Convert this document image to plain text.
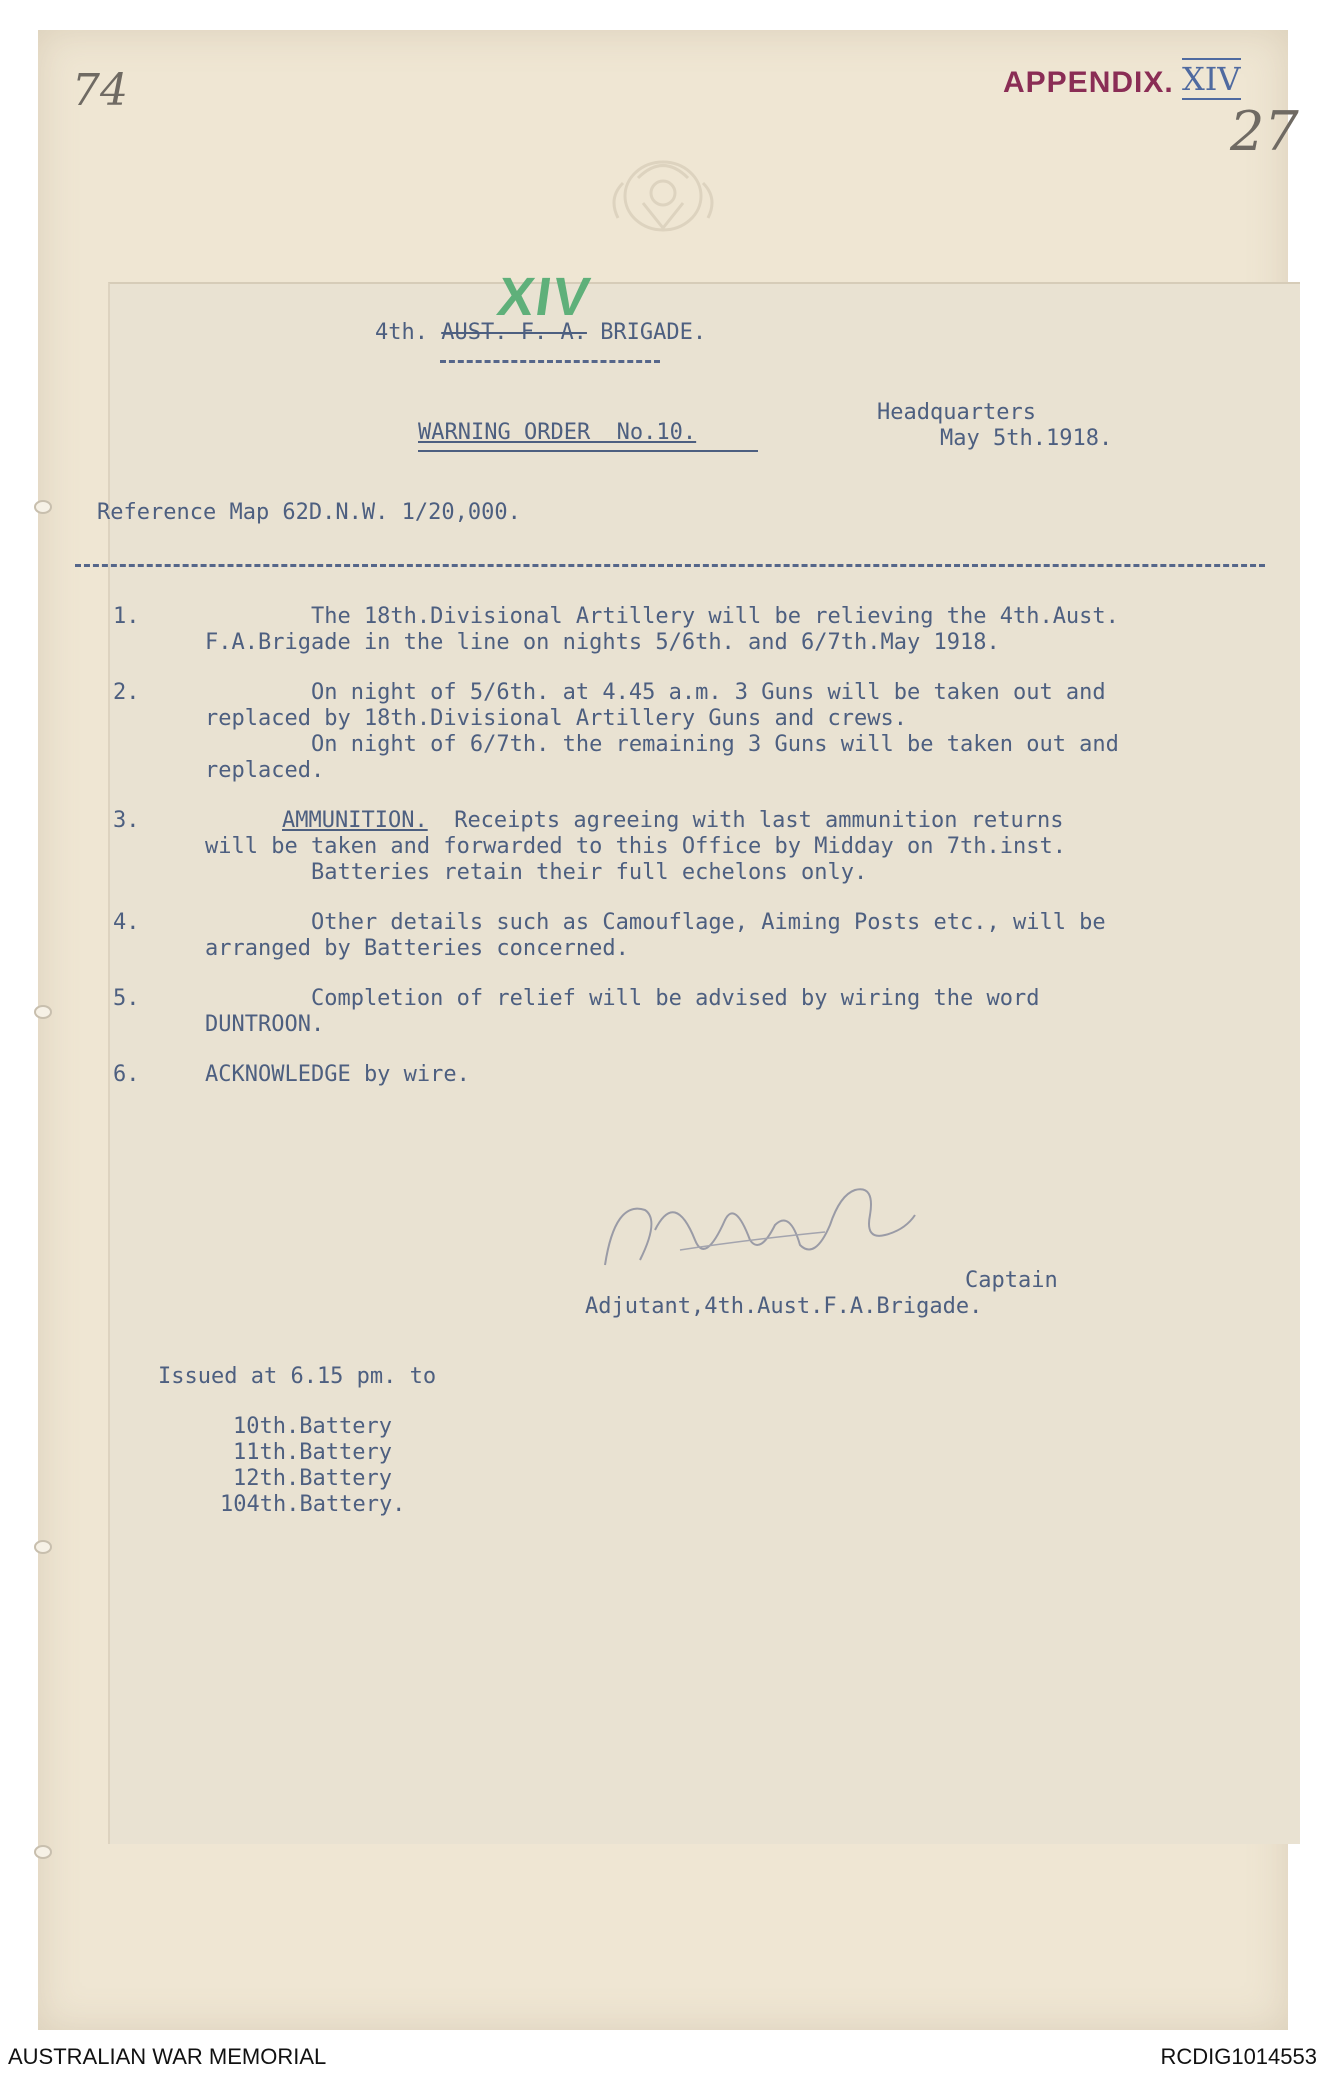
74	APPENDIX. XIV
27
XIV
4th. AUST. F. A. BRIGADE.
WARNING ORDER  No.10.
Headquarters
May 5th.1918.
Reference Map 62D.N.W. 1/20,000.
1.	The 18th.Divisional Artillery will be relieving the 4th.Aust.
F.A.Brigade in the line on nights 5/6th. and 6/7th.May 1918.
2.	On night of 5/6th. at 4.45 a.m. 3 Guns will be taken out and
replaced by 18th.Divisional Artillery Guns and crews.
On night of 6/7th. the remaining 3 Guns will be taken out and
replaced.
3.	AMMUNITION.  Receipts agreeing with last ammunition returns
will be taken and forwarded to this Office by Midday on 7th.inst.
Batteries retain their full echelons only.
4.	Other details such as Camouflage, Aiming Posts etc., will be
arranged by Batteries concerned.
5.	Completion of relief will be advised by wiring the word
DUNTROON.
6.	ACKNOWLEDGE by wire.
Captain
Adjutant,4th.Aust.F.A.Brigade.
Issued at 6.15 pm. to
10th.Battery
11th.Battery
12th.Battery
104th.Battery.
AUSTRALIAN WAR MEMORIAL	RCDIG1014553
